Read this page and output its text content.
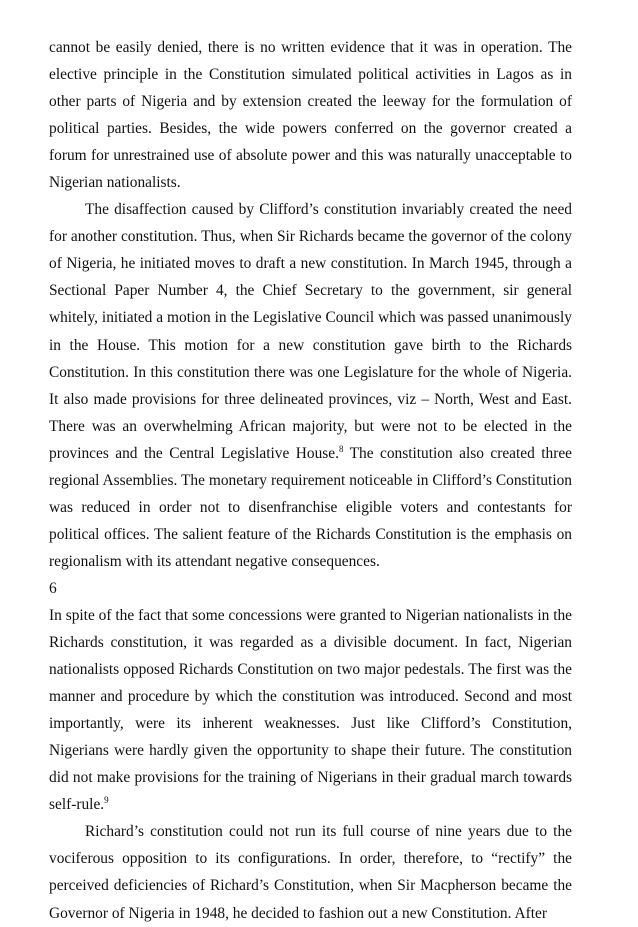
cannot be easily denied, there is no written evidence that it was in operation. The elective principle in the Constitution simulated political activities in Lagos as in other parts of Nigeria and by extension created the leeway for the formulation of political parties. Besides, the wide powers conferred on the governor created a forum for unrestrained use of absolute power and this was naturally unacceptable to Nigerian nationalists.

The disaffection caused by Clifford’s constitution invariably created the need for another constitution. Thus, when Sir Richards became the governor of the colony of Nigeria, he initiated moves to draft a new constitution. In March 1945, through a Sectional Paper Number 4, the Chief Secretary to the government, sir general whitely, initiated a motion in the Legislative Council which was passed unanimously in the House. This motion for a new constitution gave birth to the Richards Constitution. In this constitution there was one Legislature for the whole of Nigeria. It also made provisions for three delineated provinces, viz – North, West and East. There was an overwhelming African majority, but were not to be elected in the provinces and the Central Legislative House.$^8$ The constitution also created three regional Assemblies. The monetary requirement noticeable in Clifford’s Constitution was reduced in order not to disenfranchise eligible voters and contestants for political offices. The salient feature of the Richards Constitution is the emphasis on regionalism with its attendant negative consequences.

6

In spite of the fact that some concessions were granted to Nigerian nationalists in the Richards constitution, it was regarded as a divisible document. In fact, Nigerian nationalists opposed Richards Constitution on two major pedestals. The first was the manner and procedure by which the constitution was introduced. Second and most importantly, were its inherent weaknesses. Just like Clifford’s Constitution, Nigerians were hardly given the opportunity to shape their future. The constitution did not make provisions for the training of Nigerians in their gradual march towards self-rule.$^9$

Richard’s constitution could not run its full course of nine years due to the vociferous opposition to its configurations. In order, therefore, to “rectify” the perceived deficiencies of Richard’s Constitution, when Sir Macpherson became the Governor of Nigeria in 1948, he decided to fashion out a new Constitution. After
